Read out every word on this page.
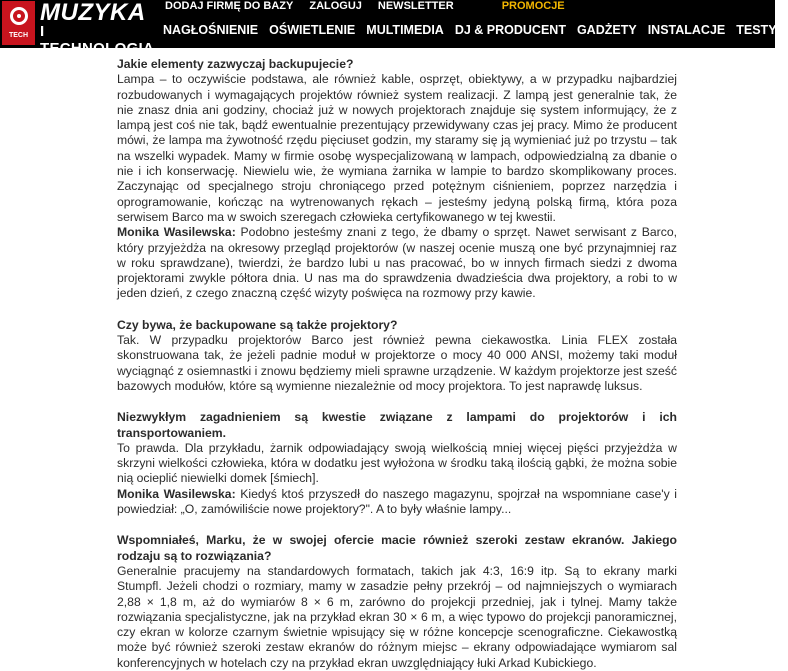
TECH
MUZYKA
I TECHNOLOGIA
DODAJ FIRMĘ DO BAZY ZALOGUJ NEWSLETTER	PROMOCJE
NAGŁOŚNIENIE OŚWIETLENIE MULTIMEDIA DJ & PRODUCENT GADŻETY INSTALACJE TESTY

Jakie elementy zazwyczaj backupujecie?

Lampa – to oczywiście podstawa, ale również kable, osprzęt, obiektywy, a w przypadku najbardziej rozbudowanych i wymagających projektów również system realizacji. Z lampą jest generalnie tak, że nie znasz dnia ani godziny, chociaż już w nowych projektorach znajduje się system informujący, że z lampą jest coś nie tak, bądź ewentualnie prezentujący przewidywany czas jej pracy. Mimo że producent mówi, że lampa ma żywotność rzędu pięciuset godzin, my staramy się ją wymieniać już po trzystu – tak na wszelki wypadek. Mamy w firmie osobę wyspecjalizowaną w lampach, odpowiedzialną za dbanie o nie i ich konserwację. Niewielu wie, że wymiana żarnika w lampie to bardzo skomplikowany proces. Zaczynając od specjalnego stroju chroniącego przed potężnym ciśnieniem, poprzez narzędzia i oprogramowanie, kończąc na wytrenowanych rękach – jesteśmy jedyną polską firmą, która poza serwisem Barco ma w swoich szeregach człowieka certyfikowanego w tej kwestii.

Monika Wasilewska: Podobno jesteśmy znani z tego, że dbamy o sprzęt. Nawet serwisant z Barco, który przyjeżdża na okresowy przegląd projektorów (w naszej ocenie muszą one być przynajmniej raz w roku sprawdzane), twierdzi, że bardzo lubi u nas pracować, bo w innych firmach siedzi z dwoma projektorami zwykle półtora dnia. U nas ma do sprawdzenia dwadzieścia dwa projektory, a robi to w jeden dzień, z czego znaczną część wizyty poświęca na rozmowy przy kawie.

Czy bywa, że backupowane są także projektory?

Tak. W przypadku projektorów Barco jest również pewna ciekawostka. Linia FLEX została skonstruowana tak, że jeżeli padnie moduł w projektorze o mocy 40 000 ANSI, możemy taki moduł wyciągnąć z osiemnastki i znowu będziemy mieli sprawne urządzenie. W każdym projektorze jest sześć bazowych modułów, które są wymienne niezależnie od mocy projektora. To jest naprawdę luksus.

Niezwykłym zagadnieniem są kwestie związane z lampami do projektorów i ich transportowaniem.

To prawda. Dla przykładu, żarnik odpowiadający swoją wielkością mniej więcej pięści przyjeżdża w skrzyni wielkości człowieka, która w dodatku jest wyłożona w środku taką ilością gąbki, że można sobie nią ocieplić niewielki domek [śmiech].

Monika Wasilewska: Kiedyś ktoś przyszedł do naszego magazynu, spojrzał na wspomniane case'y i powiedział: „O, zamówiliście nowe projektory?". A to były właśnie lampy...

Wspomniałeś, Marku, że w swojej ofercie macie również szeroki zestaw ekranów. Jakiego rodzaju są to rozwiązania?

Generalnie pracujemy na standardowych formatach, takich jak 4:3, 16:9 itp. Są to ekrany marki Stumpfl. Jeżeli chodzi o rozmiary, mamy w zasadzie pełny przekrój – od najmniejszych o wymiarach 2,88 × 1,8 m, aż do wymiarów 8 × 6 m, zarówno do projekcji przedniej, jak i tylnej. Mamy także rozwiązania specjalistyczne, jak na przykład ekran 30 × 6 m, a więc typowo do projekcji panoramicznej, czy ekran w kolorze czarnym świetnie wpisujący się w różne koncepcje scenograficzne. Ciekawostką może być również szeroki zestaw ekranów do różnym miejsc – ekrany odpowiadające wymiarom sal konferencyjnych w hotelach czy na przykład ekran uwzględniający łuki Arkad Kubickiego.
